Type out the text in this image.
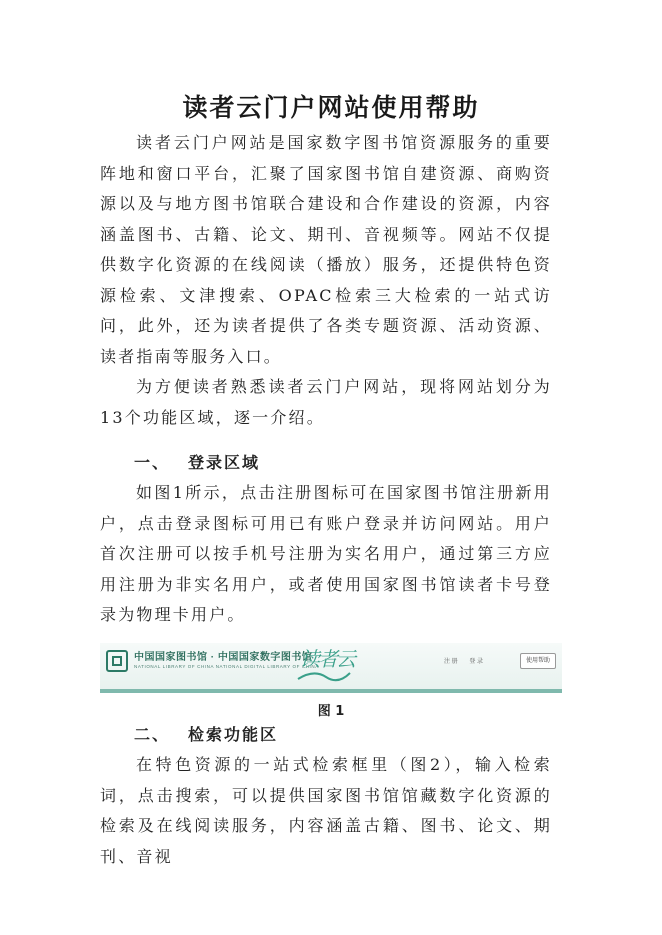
读者云门户网站使用帮助

读者云门户网站是国家数字图书馆资源服务的重要阵地和窗口平台，汇聚了国家图书馆自建资源、商购资源以及与地方图书馆联合建设和合作建设的资源，内容涵盖图书、古籍、论文、期刊、音视频等。网站不仅提供数字化资源的在线阅读（播放）服务，还提供特色资源检索、文津搜索、OPAC检索三大检索的一站式访问，此外，还为读者提供了各类专题资源、活动资源、读者指南等服务入口。

为方便读者熟悉读者云门户网站，现将网站划分为13个功能区域，逐一介绍。

一、 登录区域

如图1所示，点击注册图标可在国家图书馆注册新用户，点击登录图标可用已有账户登录并访问网站。用户首次注册可以按手机号注册为实名用户，通过第三方应用注册为非实名用户，或者使用国家图书馆读者卡号登录为物理卡用户。

中国国家图书馆 · 中国国家数字图书馆
NATIONAL LIBRARY OF CHINA NATIONAL DIGITAL LIBRARY OF CHINA
读者云	注 册 登 录	使用帮助
图 1
二、 检索功能区

在特色资源的一站式检索框里（图2），输入检索词，点击搜索，可以提供国家图书馆馆藏数字化资源的检索及在线阅读服务，内容涵盖古籍、图书、论文、期刊、音视
